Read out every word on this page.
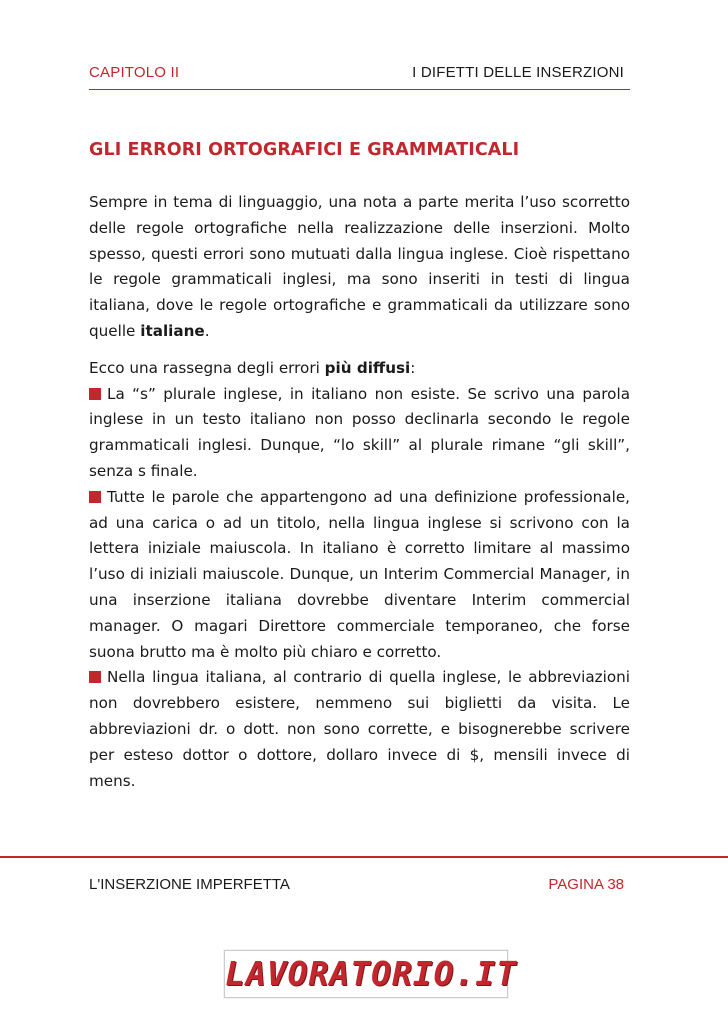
CAPITOLO II	I DIFETTI DELLE INSERZIONI
GLI ERRORI ORTOGRAFICI E GRAMMATICALI

Sempre in tema di linguaggio, una nota a parte merita l’uso scorretto delle regole ortografiche nella realizzazione delle inserzioni. Molto spesso, questi errori sono mutuati dalla lingua inglese. Cioè rispettano le regole grammaticali inglesi, ma sono inseriti in testi di lingua italiana, dove le regole ortografiche e grammaticali da utilizzare sono quelle italiane.

Ecco una rassegna degli errori più diffusi:

La “s” plurale inglese, in italiano non esiste. Se scrivo una parola inglese in un testo italiano non posso declinarla secondo le regole grammaticali inglesi. Dunque, “lo skill” al plurale rimane “gli skill”, senza s finale.

Tutte le parole che appartengono ad una definizione professionale, ad una carica o ad un titolo, nella lingua inglese si scrivono con la lettera iniziale maiuscola. In italiano è corretto limitare al massimo l’uso di iniziali maiuscole. Dunque, un Interim Commercial Manager, in una inserzione italiana dovrebbe diventare Interim commercial manager. O magari Direttore commerciale temporaneo, che forse suona brutto ma è molto più chiaro e corretto.

Nella lingua italiana, al contrario di quella inglese, le abbreviazioni non dovrebbero esistere, nemmeno sui biglietti da visita. Le abbreviazioni dr. o dott. non sono corrette, e bisognerebbe scrivere per esteso dottor o dottore, dollaro invece di $, mensili invece di mens.

L'INSERZIONE IMPERFETTA	PAGINA 38
LAVORATORIO.IT
